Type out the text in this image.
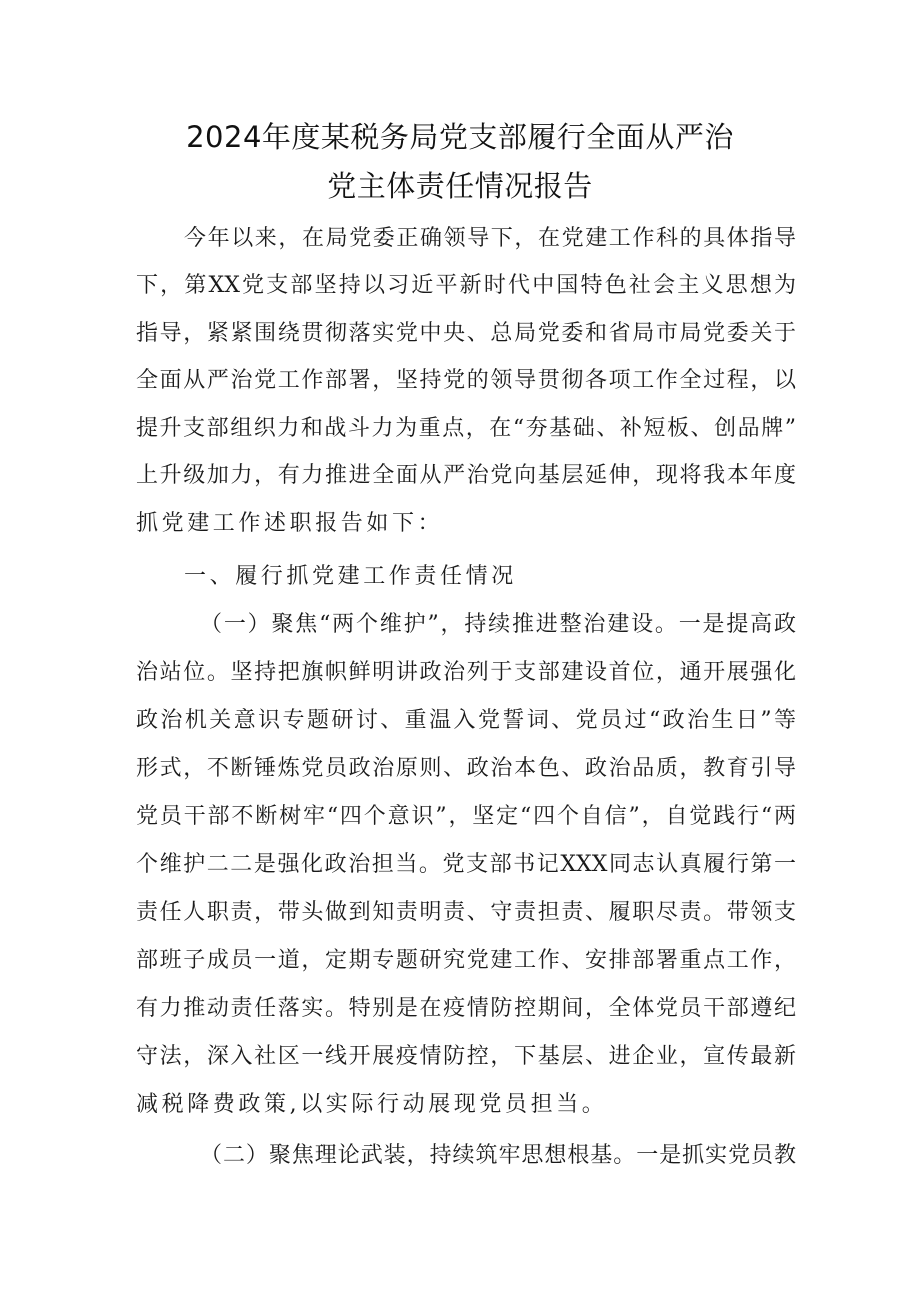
2024年度某税务局党支部履行全面从严治
党主体责任情况报告
今年以来，在局党委正确领导下，在党建工作科的具体指导
下，第XX党支部坚持以习近平新时代中国特色社会主义思想为
指导，紧紧围绕贯彻落实党中央、总局党委和省局市局党委关于
全面从严治党工作部署，坚持党的领导贯彻各项工作全过程，以
提升支部组织力和战斗力为重点，在“夯基础、补短板、创品牌”
上升级加力，有力推进全面从严治党向基层延伸，现将我本年度
抓党建工作述职报告如下：
一、履行抓党建工作责任情况
（一）聚焦“两个维护”，持续推进整治建设。一是提高政
治站位。坚持把旗帜鲜明讲政治列于支部建设首位，通开展强化
政治机关意识专题研讨、重温入党誓词、党员过“政治生日”等
形式，不断锤炼党员政治原则、政治本色、政治品质，教育引导
党员干部不断树牢“四个意识”，坚定“四个自信”，自觉践行“两
个维护二二是强化政治担当。党支部书记XXX同志认真履行第一
责任人职责，带头做到知责明责、守责担责、履职尽责。带领支
部班子成员一道，定期专题研究党建工作、安排部署重点工作，
有力推动责任落实。特别是在疫情防控期间，全体党员干部遵纪
守法，深入社区一线开展疫情防控，下基层、进企业，宣传最新
减税降费政策,以实际行动展现党员担当。
（二）聚焦理论武装，持续筑牢思想根基。一是抓实党员教
